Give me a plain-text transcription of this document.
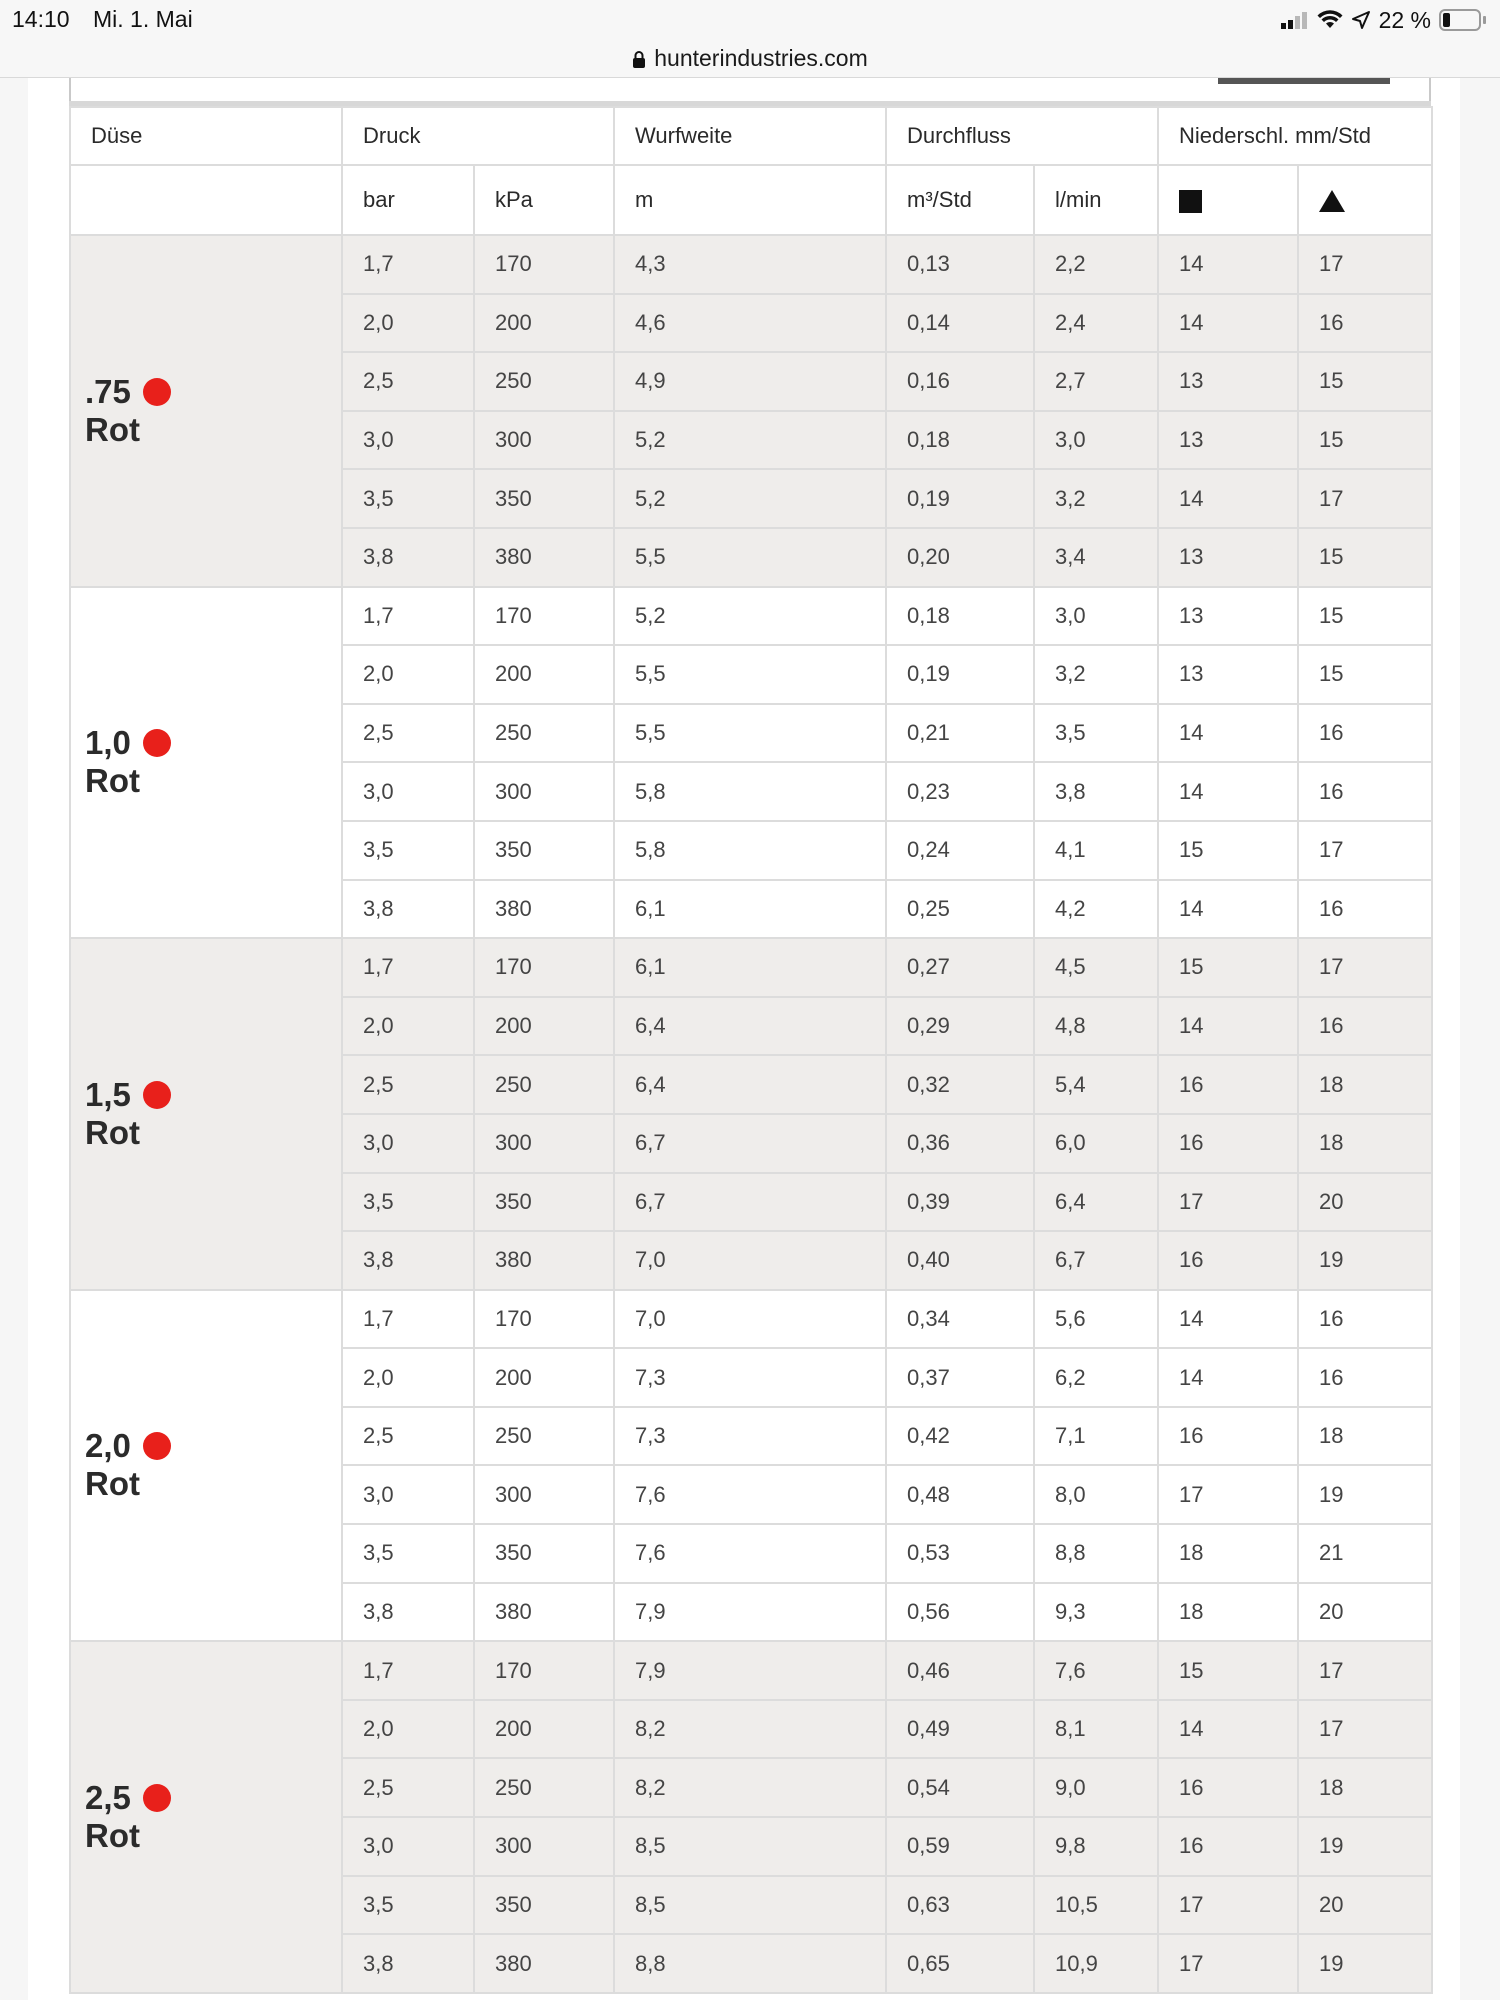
14:10 Mi. 1. Mai	22 %
hunterindustries.com
Düse	Druck		Wurfweite	Durchfluss		Niederschl. mm/Std	
	bar	kPa	m	m³/Std	l/min		

.75
Rot	1,7	170	4,3	0,13	2,2	14	17
	2,0	200	4,6	0,14	2,4	14	16
	2,5	250	4,9	0,16	2,7	13	15
	3,0	300	5,2	0,18	3,0	13	15
	3,5	350	5,2	0,19	3,2	14	17
	3,8	380	5,5	0,20	3,4	13	15

1,0
Rot	1,7	170	5,2	0,18	3,0	13	15
	2,0	200	5,5	0,19	3,2	13	15
	2,5	250	5,5	0,21	3,5	14	16
	3,0	300	5,8	0,23	3,8	14	16
	3,5	350	5,8	0,24	4,1	15	17
	3,8	380	6,1	0,25	4,2	14	16

1,5
Rot	1,7	170	6,1	0,27	4,5	15	17
	2,0	200	6,4	0,29	4,8	14	16
	2,5	250	6,4	0,32	5,4	16	18
	3,0	300	6,7	0,36	6,0	16	18
	3,5	350	6,7	0,39	6,4	17	20
	3,8	380	7,0	0,40	6,7	16	19

2,0
Rot	1,7	170	7,0	0,34	5,6	14	16
	2,0	200	7,3	0,37	6,2	14	16
	2,5	250	7,3	0,42	7,1	16	18
	3,0	300	7,6	0,48	8,0	17	19
	3,5	350	7,6	0,53	8,8	18	21
	3,8	380	7,9	0,56	9,3	18	20

2,5
Rot	1,7	170	7,9	0,46	7,6	15	17
	2,0	200	8,2	0,49	8,1	14	17
	2,5	250	8,2	0,54	9,0	16	18
	3,0	300	8,5	0,59	9,8	16	19
	3,5	350	8,5	0,63	10,5	17	20
	3,8	380	8,8	0,65	10,9	17	19
